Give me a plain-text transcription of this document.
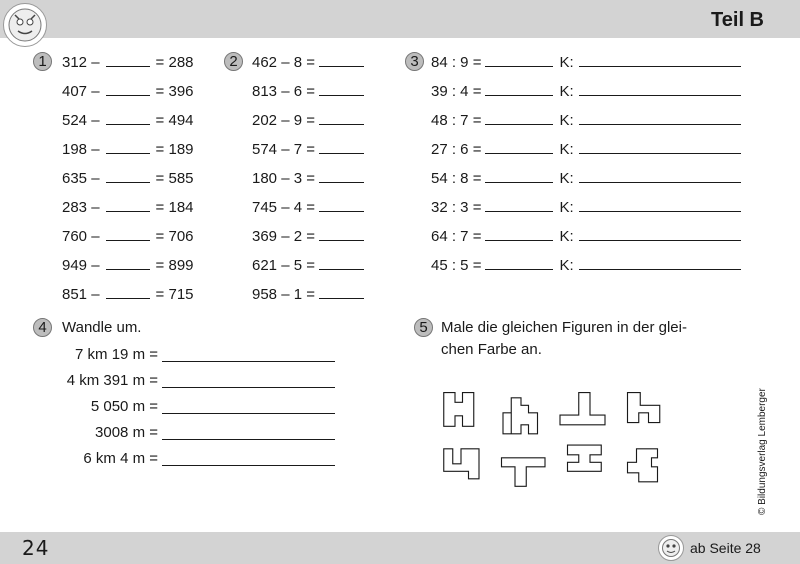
Teil B
1	312 –	= 288
407 –	= 396
524 –	= 494
198 –	= 189
635 –	= 585
283 –	= 184
760 –	= 706
949 –	= 899
851 –	= 715
2 462 – 8 =
813 – 6 =
202 – 9 =
574 – 7 =
180 – 3 =
745 – 4 =
369 – 2 =
621 – 5 =
958 – 1 =
3 84 : 9 =	K:
39 : 4 =	K:
48 : 7 =	K:
27 : 6 =	K:
54 : 8 =	K:
32 : 3 =	K:
64 : 7 =	K:
45 : 5 =	K:
4	Wandle um.
7 km 19 m =
4 km 391 m =
5 050 m =
3008 m =
6 km 4 m =
5 Male die gleichen Figuren in der glei-
chen Farbe an.
© Bildungsverlag Lemberger
24	ab Seite 28
